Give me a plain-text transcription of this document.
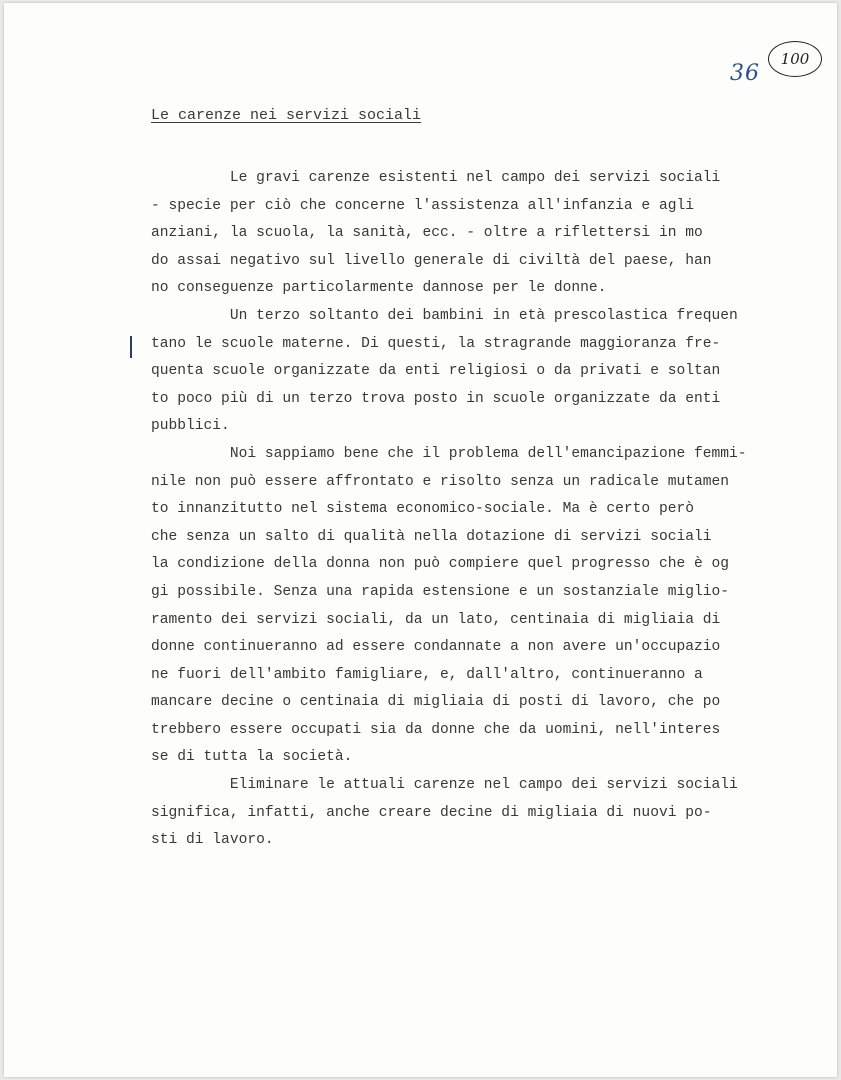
36
100
Le carenze nei servizi sociali
Le gravi carenze esistenti nel campo dei servizi sociali
- specie per ciò che concerne l'assistenza all'infanzia e agli
anziani, la scuola, la sanità, ecc. - oltre a riflettersi in mo
do assai negativo sul livello generale di civiltà del paese, han
no conseguenze particolarmente dannose per le donne.
Un terzo soltanto dei bambini in età prescolastica frequen
tano le scuole materne. Di questi, la stragrande maggioranza fre-
quenta scuole organizzate da enti religiosi o da privati e soltan
to poco più di un terzo trova posto in scuole organizzate da enti
pubblici.
Noi sappiamo bene che il problema dell'emancipazione femmi-
nile non può essere affrontato e risolto senza un radicale mutamen
to innanzitutto nel sistema economico-sociale. Ma è certo però
che senza un salto di qualità nella dotazione di servizi sociali
la condizione della donna non può compiere quel progresso che è og
gi possibile. Senza una rapida estensione e un sostanziale miglio-
ramento dei servizi sociali, da un lato, centinaia di migliaia di
donne continueranno ad essere condannate a non avere un'occupazio
ne fuori dell'ambito famigliare, e, dall'altro, continueranno a
mancare decine o centinaia di migliaia di posti di lavoro, che po
trebbero essere occupati sia da donne che da uomini, nell'interes
se di tutta la società.
Eliminare le attuali carenze nel campo dei servizi sociali
significa, infatti, anche creare decine di migliaia di nuovi po-
sti di lavoro.
